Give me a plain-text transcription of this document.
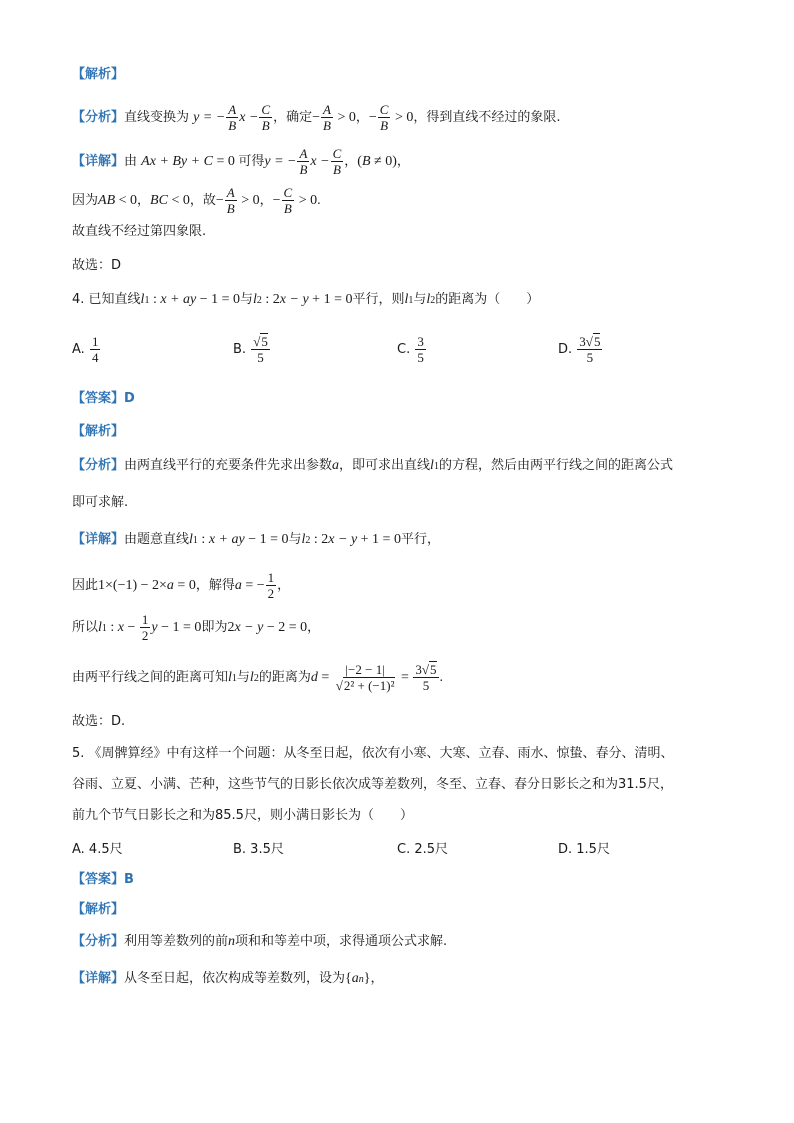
【解析】
【分析】直线变换为 y = − $\frac{A}{B}$ $x - \frac{C}{B}$ ，确定− $\frac{A}{B} > 0$，− $\frac{C}{B} > 0$，得到直线不经过的象限.
【详解】由 Ax + By + C = 0 可得y = − $\frac{A}{B}$ $x - \frac{C}{B}$ ，(B ≠ 0)，
因为AB < 0，BC < 0，故− $\frac{A}{B} > 0$，− $\frac{C}{B} > 0$.
故直线不经过第四象限.
故选：D
4. 已知直线l1 : x + ay − 1 = 0与l2 : 2x − y + 1 = 0平行，则l1与l2的距离为（　　）
A. $\frac{1}{4}$	B. $\frac{√5}{5}$	C. $\frac{3}{5}$	D. $\frac{3√5}{5}$
【答案】D
【解析】
【分析】由两直线平行的充要条件先求出参数a，即可求出直线l1的方程，然后由两平行线之间的距离公式
即可求解.
【详解】由题意直线l1 : x + ay − 1 = 0与l2 : 2x − y + 1 = 0平行，
因此1×(−1) − 2×a = 0，解得a = − $\frac{1}{2}$ ，
所以l1 : $x - \frac{1}{2}$ y − 1 = 0即为2x − y − 2 = 0，
由两平行线之间的距离可知l1与l2的距离为$d = \frac{|-2 - 1|}{\text{√2² + (−1)²}} = \frac{3√5}{5}$ .
故选：D.
5. 《周髀算经》中有这样一个问题：从冬至日起，依次有小寒、大寒、立春、雨水、惊蛰、春分、清明、
谷雨、立夏、小满、芒种，这些节气的日影长依次成等差数列，冬至、立春、春分日影长之和为31.5尺，
前九个节气日影长之和为85.5尺，则小满日影长为（　　）
A. 4.5尺	B. 3.5尺	C. 2.5尺	D. 1.5尺
【答案】B
【解析】
【分析】利用等差数列的前n项和和等差中项，求得通项公式求解.
【详解】从冬至日起，依次构成等差数列，设为{an}，
